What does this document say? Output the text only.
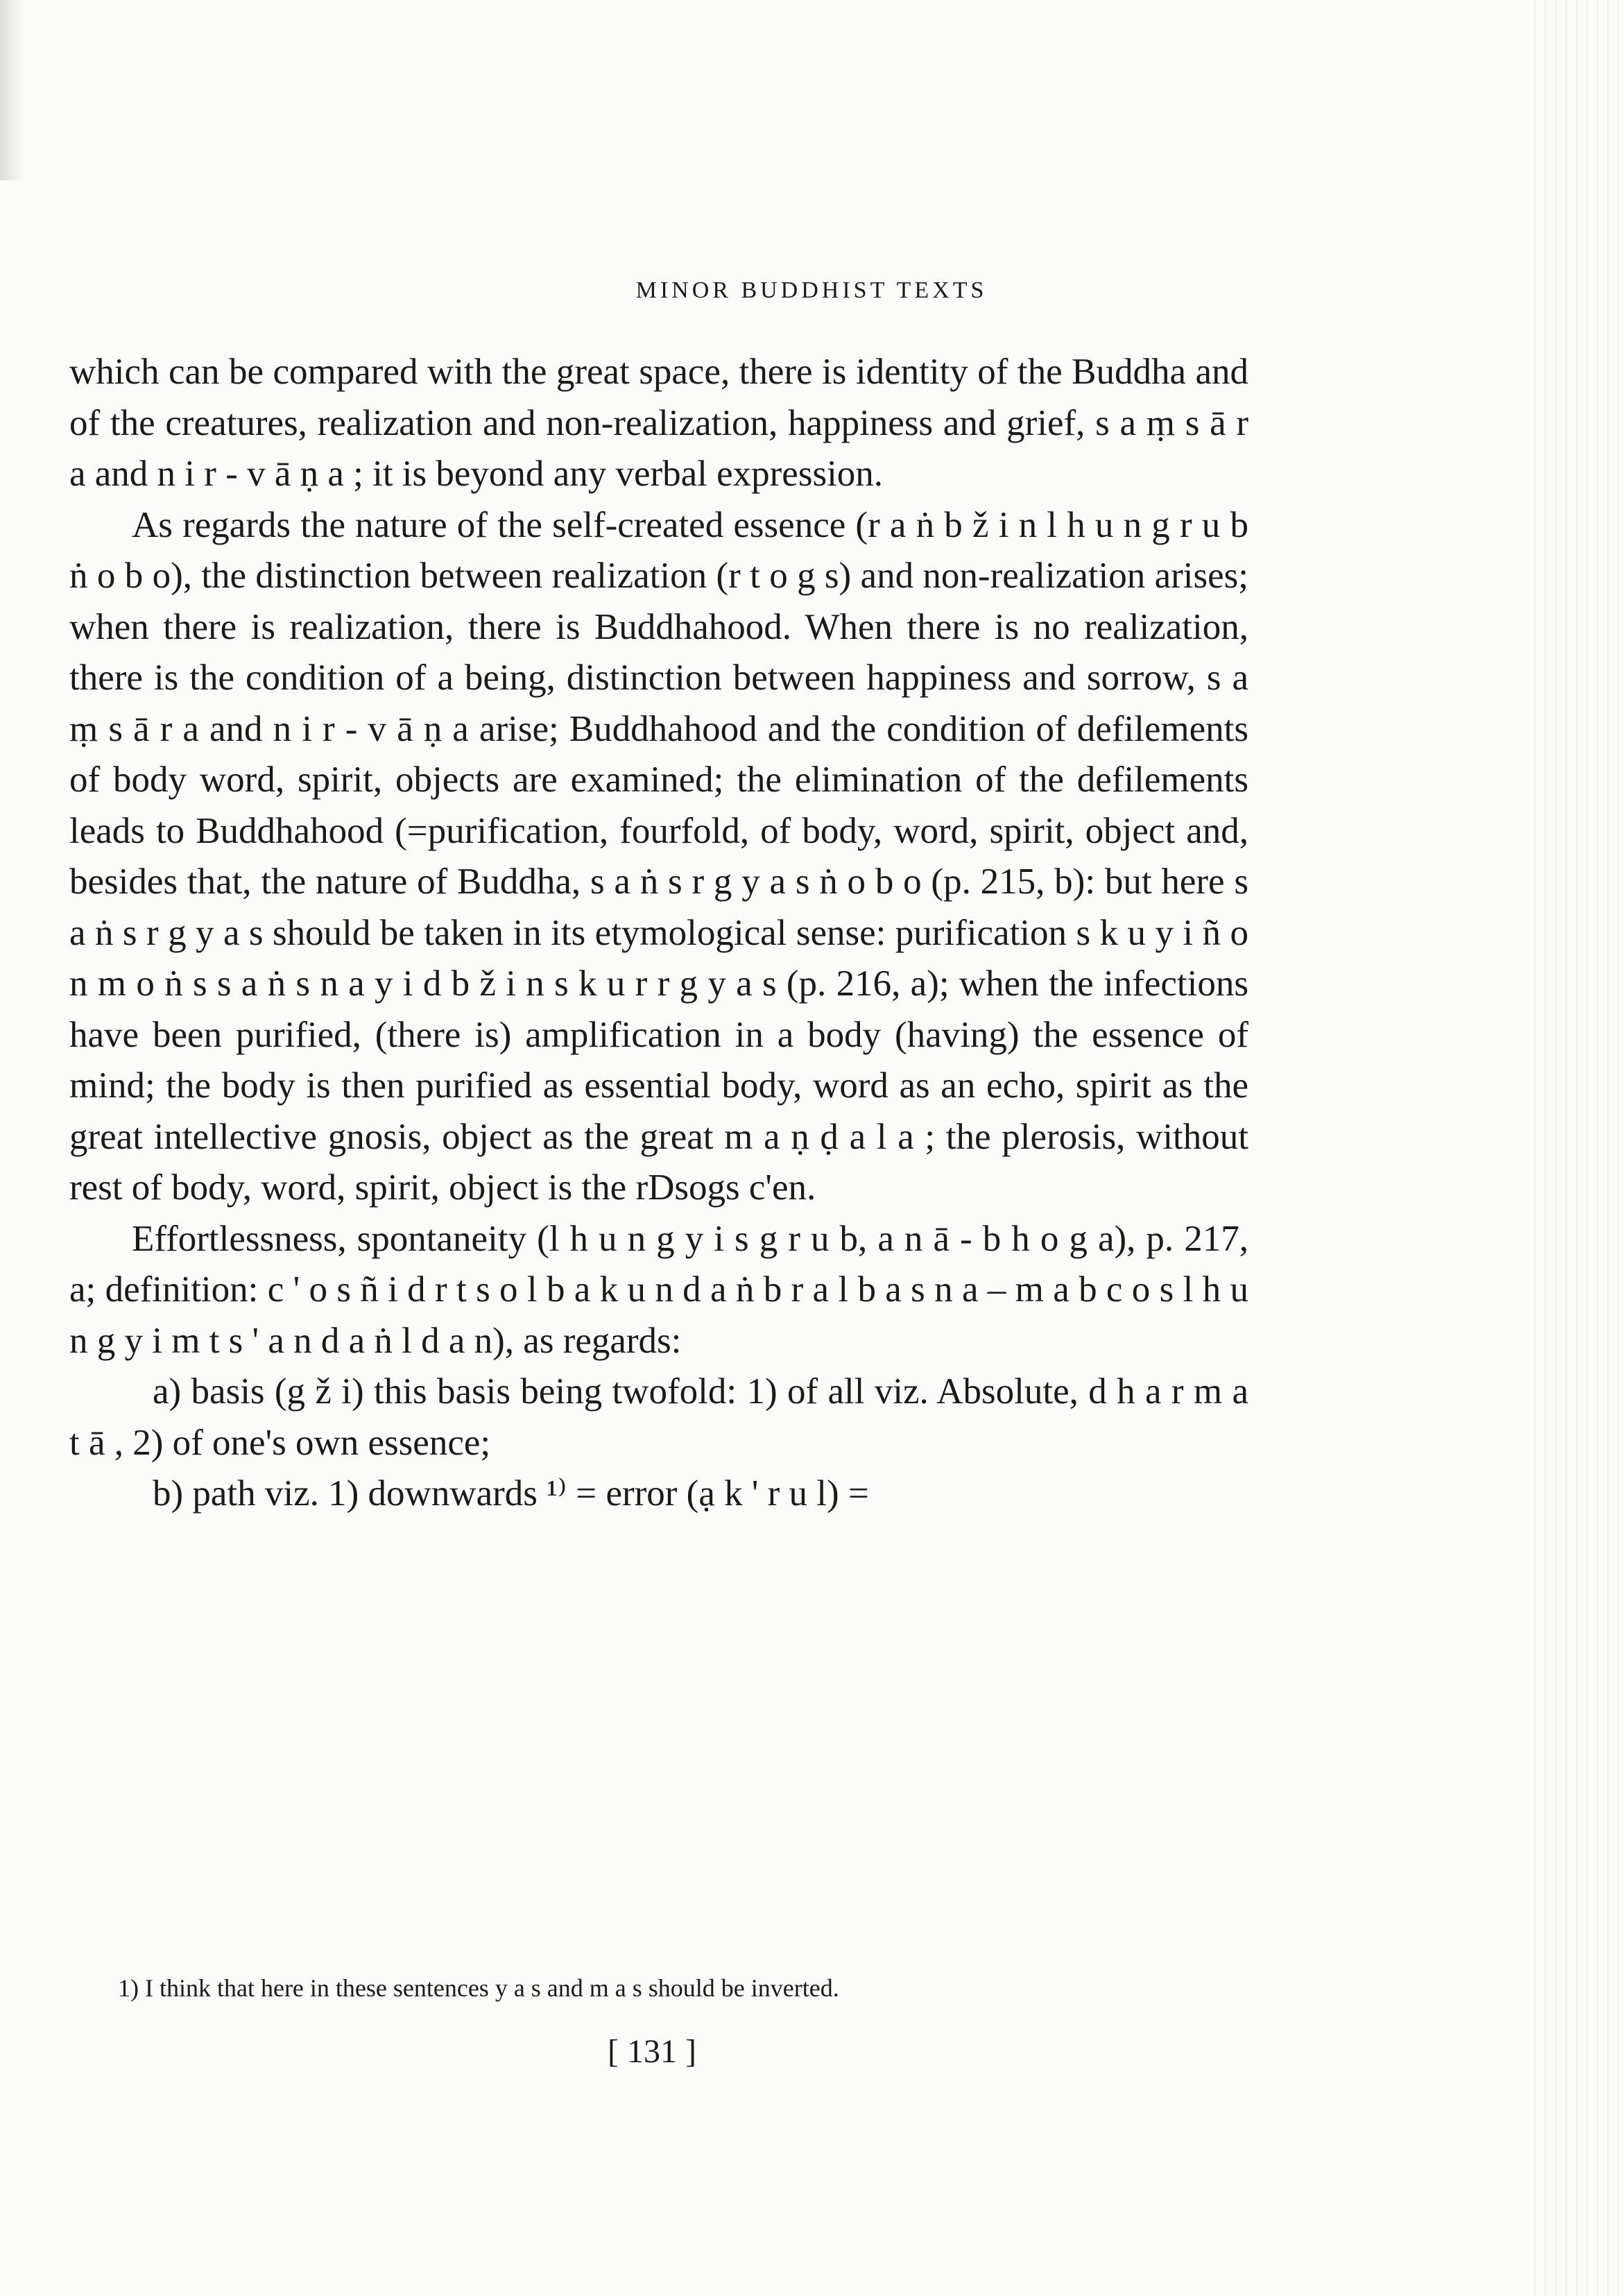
MINOR BUDDHIST TEXTS

which can be compared with the great space, there is identity of the Buddha and of the creatures, realization and non-realization, happiness and grief, s a ṃ s ā r a and n i r - v ā ṇ a ; it is beyond any verbal expression.

As regards the nature of the self-created essence (r a ṅ b ž i n l h u n g r u b ṅ o b o), the distinction between realization (r t o g s) and non-realization arises; when there is realization, there is Buddhahood. When there is no realization, there is the condition of a being, distinction between happiness and sorrow, s a ṃ s ā r a and n i r - v ā ṇ a arise; Buddhahood and the condition of defilements of body word, spirit, objects are examined; the elimination of the defilements leads to Buddhahood (=purification, fourfold, of body, word, spirit, object and, besides that, the nature of Buddha, s a ṅ s r g y a s ṅ o b o (p. 215, b): but here s a ṅ s r g y a s should be taken in its etymological sense: purification s k u y i ñ o n m o ṅ s s a ṅ s n a y i d b ž i n s k u r r g y a s (p. 216, a); when the infections have been purified, (there is) amplification in a body (having) the essence of mind; the body is then purified as essential body, word as an echo, spirit as the great intellective gnosis, object as the great m a ṇ ḍ a l a ; the plerosis, without rest of body, word, spirit, object is the rDsogs c'en.

Effortlessness, spontaneity (l h u n g y i s g r u b, a n ā - b h o g a), p. 217, a; definition: c ' o s ñ i d r t s o l b a k u n d a ṅ b r a l b a s n a – m a b c o s l h u n g y i m t s ' a n d a ṅ l d a n), as regards:

a) basis (g ž i) this basis being twofold: 1) of all viz. Absolute, d h a r m a t ā , 2) of one's own essence;

b) path viz. 1) downwards ¹⁾ = error (ạ k ' r u l) =

1) I think that here in these sentences y a s and m a s should be inverted.
[ 131 ]
